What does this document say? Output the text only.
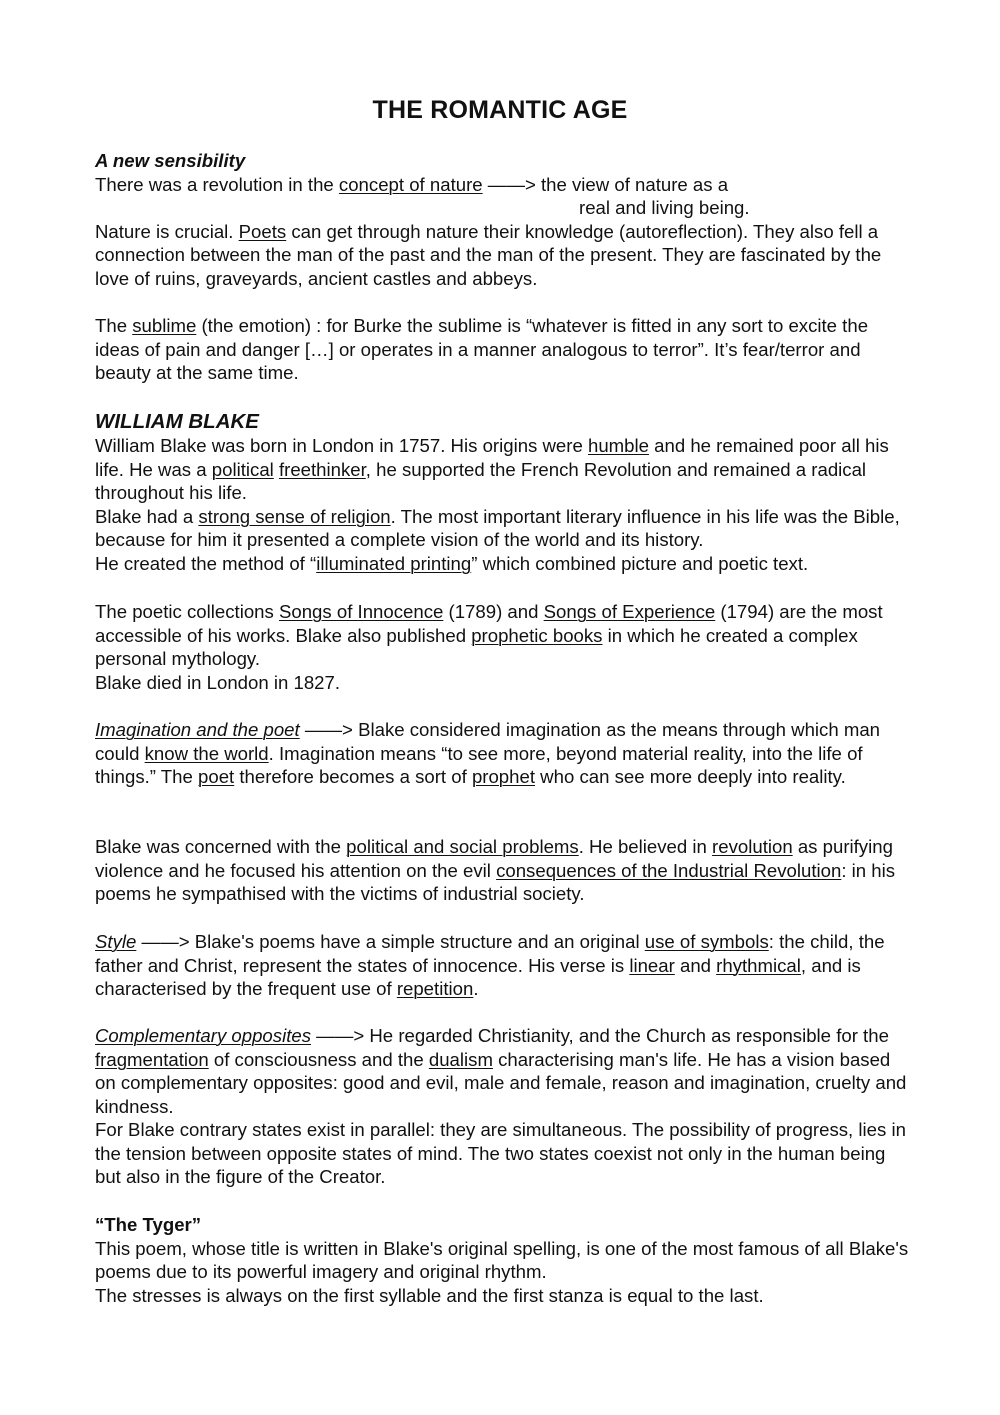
THE ROMANTIC AGE

A new sensibility

There was a revolution in the concept of nature ——> the view of nature as a

real and living being.

Nature is crucial. Poets can get through nature their knowledge (autoreflection). They also fell a connection between the man of the past and the man of the present. They are fascinated by the love of ruins, graveyards, ancient castles and abbeys.

The sublime (the emotion) : for Burke the sublime is “whatever is fitted in any sort to excite the ideas of pain and danger […] or operates in a manner analogous to terror”. It’s fear/terror and beauty at the same time.

WILLIAM BLAKE

William Blake was born in London in 1757. His origins were humble and he remained poor all his life. He was a political freethinker, he supported the French Revolution and remained a radical throughout his life.

Blake had a strong sense of religion. The most important literary influence in his life was the Bible, because for him it presented a complete vision of the world and its history.

He created the method of “illuminated printing” which combined picture and poetic text.

The poetic collections Songs of Innocence (1789) and Songs of Experience (1794) are the most accessible of his works. Blake also published prophetic books in which he created a complex personal mythology.

Blake died in London in 1827.

Imagination and the poet ——> Blake considered imagination as the means through which man could know the world. Imagination means “to see more, beyond material reality, into the life of things.” The poet therefore becomes a sort of prophet who can see more deeply into reality.

Blake was concerned with the political and social problems. He believed in revolution as purifying violence and he focused his attention on the evil consequences of the Industrial Revolution: in his poems he sympathised with the victims of industrial society.

Style ——> Blake's poems have a simple structure and an original use of symbols: the child, the father and Christ, represent the states of innocence. His verse is linear and rhythmical, and is characterised by the frequent use of repetition.

Complementary opposites ——> He regarded Christianity, and the Church as responsible for the fragmentation of consciousness and the dualism characterising man's life. He has a vision based on complementary opposites: good and evil, male and female, reason and imagination, cruelty and kindness.

For Blake contrary states exist in parallel: they are simultaneous. The possibility of progress, lies in the tension between opposite states of mind. The two states coexist not only in the human being but also in the figure of the Creator.

“The Tyger”

This poem, whose title is written in Blake's original spelling, is one of the most famous of all Blake's poems due to its powerful imagery and original rhythm.

The stresses is always on the first syllable and the first stanza is equal to the last.
